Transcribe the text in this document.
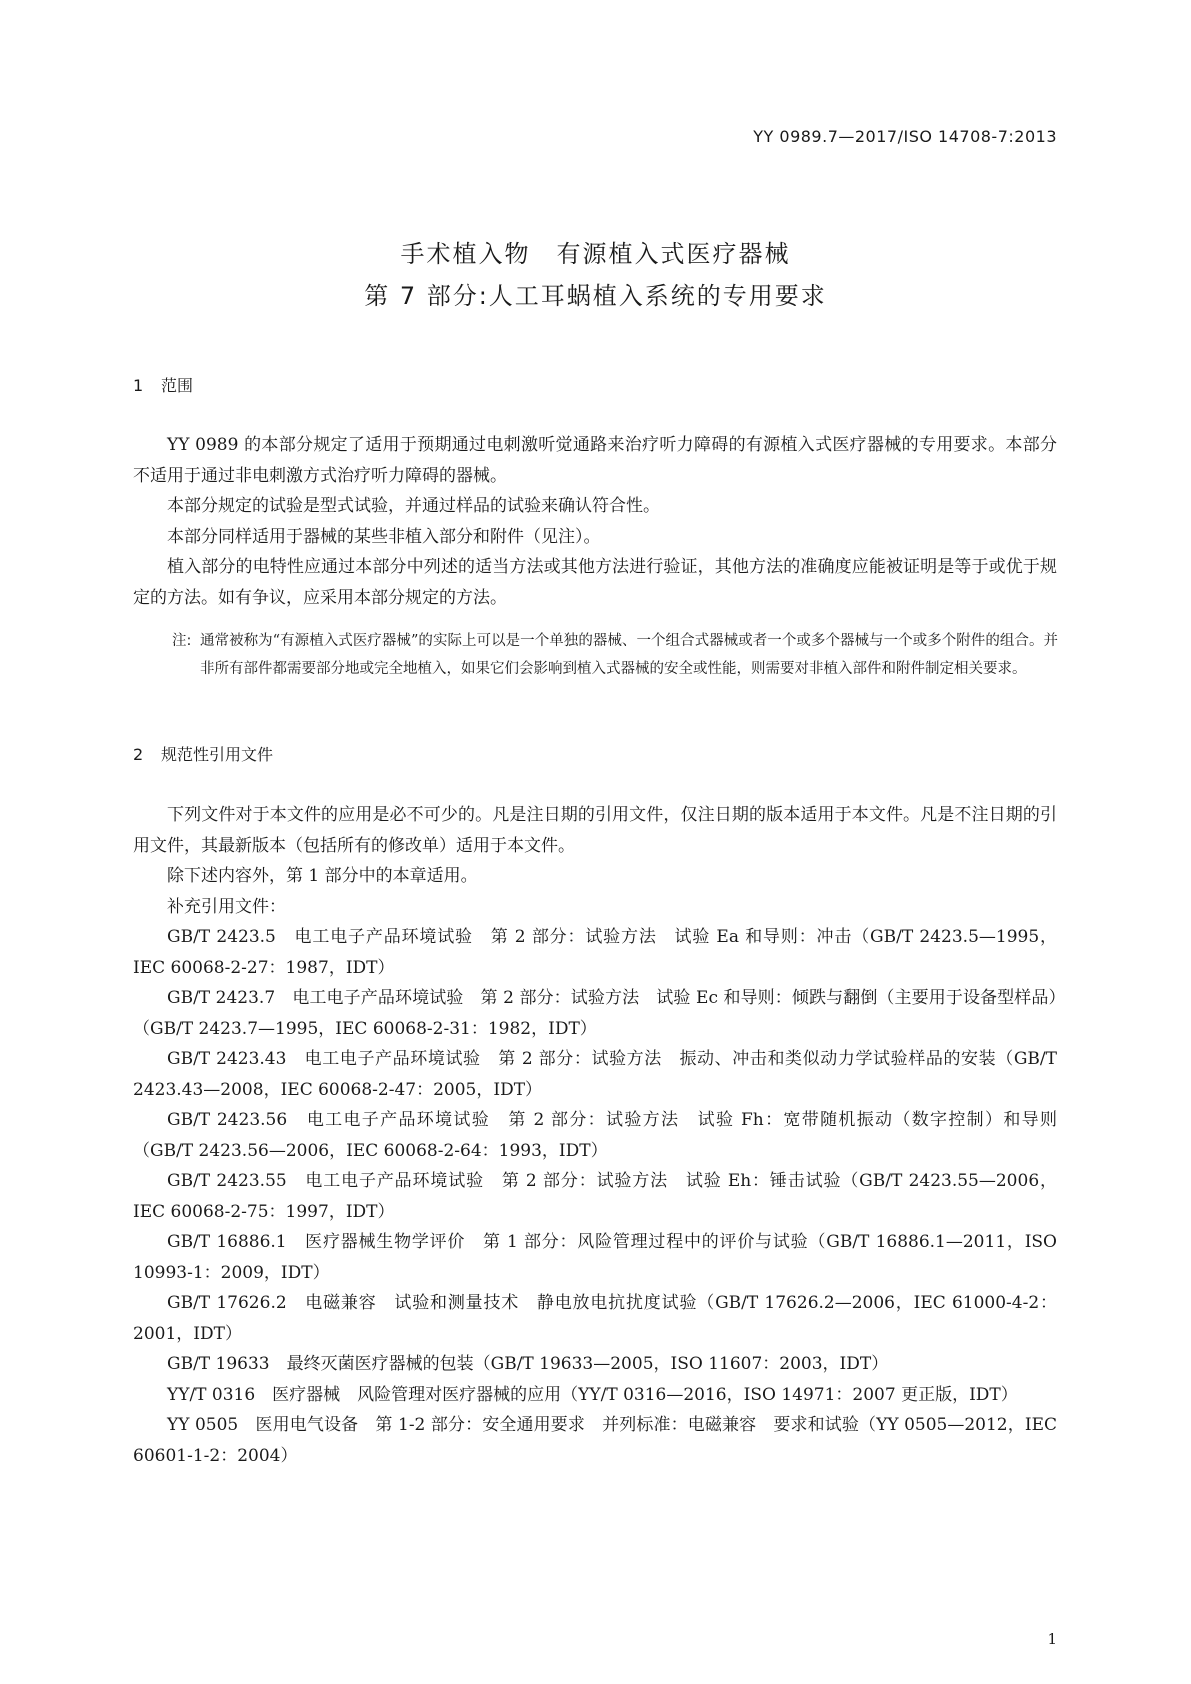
YY 0989.7—2017/ISO 14708-7:2013
手术植入物　有源植入式医疗器械
第 7 部分:人工耳蜗植入系统的专用要求
1 范围

YY 0989 的本部分规定了适用于预期通过电刺激听觉通路来治疗听力障碍的有源植入式医疗器械的专用要求。本部分不适用于通过非电刺激方式治疗听力障碍的器械。

本部分规定的试验是型式试验，并通过样品的试验来确认符合性。

本部分同样适用于器械的某些非植入部分和附件（见注）。

植入部分的电特性应通过本部分中列述的适当方法或其他方法进行验证，其他方法的准确度应能被证明是等于或优于规定的方法。如有争议，应采用本部分规定的方法。

注: 通常被称为“有源植入式医疗器械”的实际上可以是一个单独的器械、一个组合式器械或者一个或多个器械与一个或多个附件的组合。并非所有部件都需要部分地或完全地植入，如果它们会影响到植入式器械的安全或性能，则需要对非植入部件和附件制定相关要求。
2 规范性引用文件

下列文件对于本文件的应用是必不可少的。凡是注日期的引用文件，仅注日期的版本适用于本文件。凡是不注日期的引用文件，其最新版本（包括所有的修改单）适用于本文件。

除下述内容外，第 1 部分中的本章适用。

补充引用文件：

GB/T 2423.5　电工电子产品环境试验　第 2 部分：试验方法　试验 Ea 和导则：冲击（GB/T 2423.5—1995，IEC 60068-2-27：1987，IDT）

GB/T 2423.7　电工电子产品环境试验　第 2 部分：试验方法　试验 Ec 和导则：倾跌与翻倒（主要用于设备型样品）（GB/T 2423.7—1995，IEC 60068-2-31：1982，IDT）

GB/T 2423.43　电工电子产品环境试验　第 2 部分：试验方法　振动、冲击和类似动力学试验样品的安装（GB/T 2423.43—2008，IEC 60068-2-47：2005，IDT）

GB/T 2423.56　电工电子产品环境试验　第 2 部分：试验方法　试验 Fh：宽带随机振动（数字控制）和导则（GB/T 2423.56—2006，IEC 60068-2-64：1993，IDT）

GB/T 2423.55　电工电子产品环境试验　第 2 部分：试验方法　试验 Eh：锤击试验（GB/T 2423.55—2006，IEC 60068-2-75：1997，IDT）

GB/T 16886.1　医疗器械生物学评价　第 1 部分：风险管理过程中的评价与试验（GB/T 16886.1—2011，ISO 10993-1：2009，IDT）

GB/T 17626.2　电磁兼容　试验和测量技术　静电放电抗扰度试验（GB/T 17626.2—2006，IEC 61000-4-2：2001，IDT）

GB/T 19633　最终灭菌医疗器械的包装（GB/T 19633—2005，ISO 11607：2003，IDT）

YY/T 0316　医疗器械　风险管理对医疗器械的应用（YY/T 0316—2016，ISO 14971：2007 更正版，IDT）

YY 0505　医用电气设备　第 1-2 部分：安全通用要求　并列标准：电磁兼容　要求和试验（YY 0505—2012，IEC 60601-1-2：2004）

1
